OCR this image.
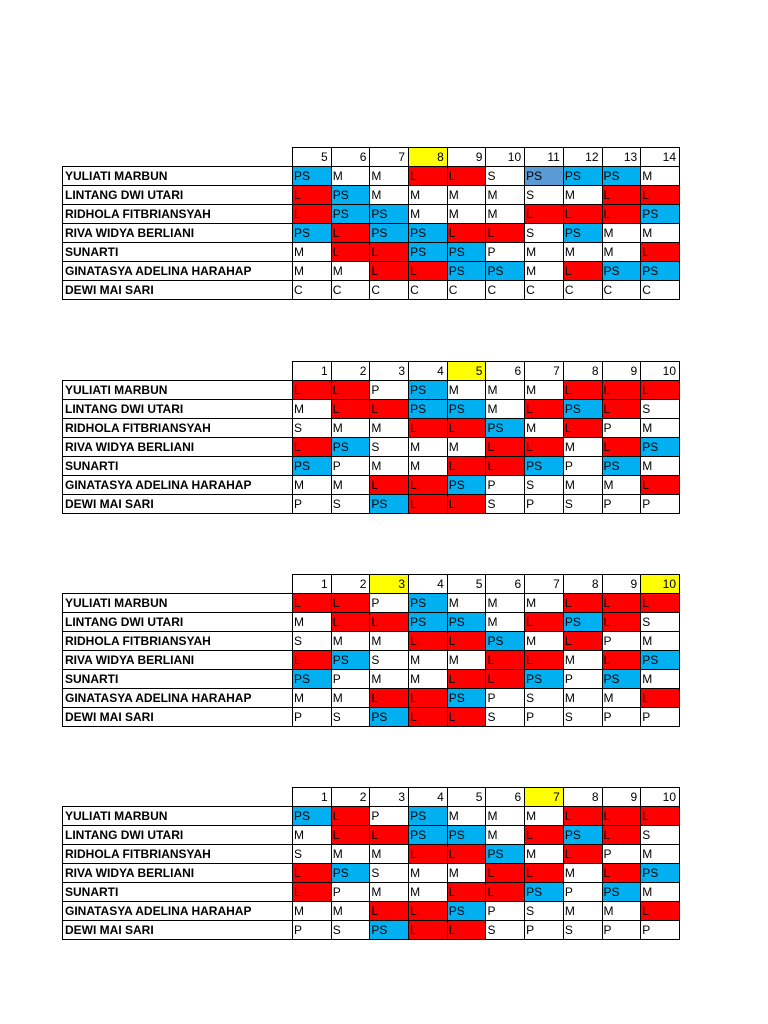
	5	6	7	8	9	10	11	12	13	14
YULIATI MARBUN	PS	M	M	L	L	S	PS	PS	PS	M
LINTANG DWI UTARI	L	PS	M	M	M	M	S	M	L	L
RIDHOLA FITBRIANSYAH	L	PS	PS	M	M	M	L	L	L	PS
RIVA WIDYA BERLIANI	PS	L	PS	PS	L	L	S	PS	M	M
SUNARTI	M	L	L	PS	PS	P	M	M	M	L
GINATASYA ADELINA HARAHAP	M	M	L	L	PS	PS	M	L	PS	PS
DEWI MAI SARI	C	C	C	C	C	C	C	C	C	C
	1	2	3	4	5	6	7	8	9	10
YULIATI MARBUN	L	L	P	PS	M	M	M	L	L	L
LINTANG DWI UTARI	M	L	L	PS	PS	M	L	PS	L	S
RIDHOLA FITBRIANSYAH	S	M	M	L	L	PS	M	L	P	M
RIVA WIDYA BERLIANI	L	PS	S	M	M	L	L	M	L	PS
SUNARTI	PS	P	M	M	L	L	PS	P	PS	M
GINATASYA ADELINA HARAHAP	M	M	L	L	PS	P	S	M	M	L
DEWI MAI SARI	P	S	PS	L	L	S	P	S	P	P
	1	2	3	4	5	6	7	8	9	10
YULIATI MARBUN	L	L	P	PS	M	M	M	L	L	L
LINTANG DWI UTARI	M	L	L	PS	PS	M	L	PS	L	S
RIDHOLA FITBRIANSYAH	S	M	M	L	L	PS	M	L	P	M
RIVA WIDYA BERLIANI	L	PS	S	M	M	L	L	M	L	PS
SUNARTI	PS	P	M	M	L	L	PS	P	PS	M
GINATASYA ADELINA HARAHAP	M	M	L	L	PS	P	S	M	M	L
DEWI MAI SARI	P	S	PS	L	L	S	P	S	P	P
	1	2	3	4	5	6	7	8	9	10
YULIATI MARBUN	PS	L	P	PS	M	M	M	L	L	L
LINTANG DWI UTARI	M	L	L	PS	PS	M	L	PS	L	S
RIDHOLA FITBRIANSYAH	S	M	M	L	L	PS	M	L	P	M
RIVA WIDYA BERLIANI	L	PS	S	M	M	L	L	M	L	PS
SUNARTI	L	P	M	M	L	L	PS	P	PS	M
GINATASYA ADELINA HARAHAP	M	M	L	L	PS	P	S	M	M	L
DEWI MAI SARI	P	S	PS	L	L	S	P	S	P	P
